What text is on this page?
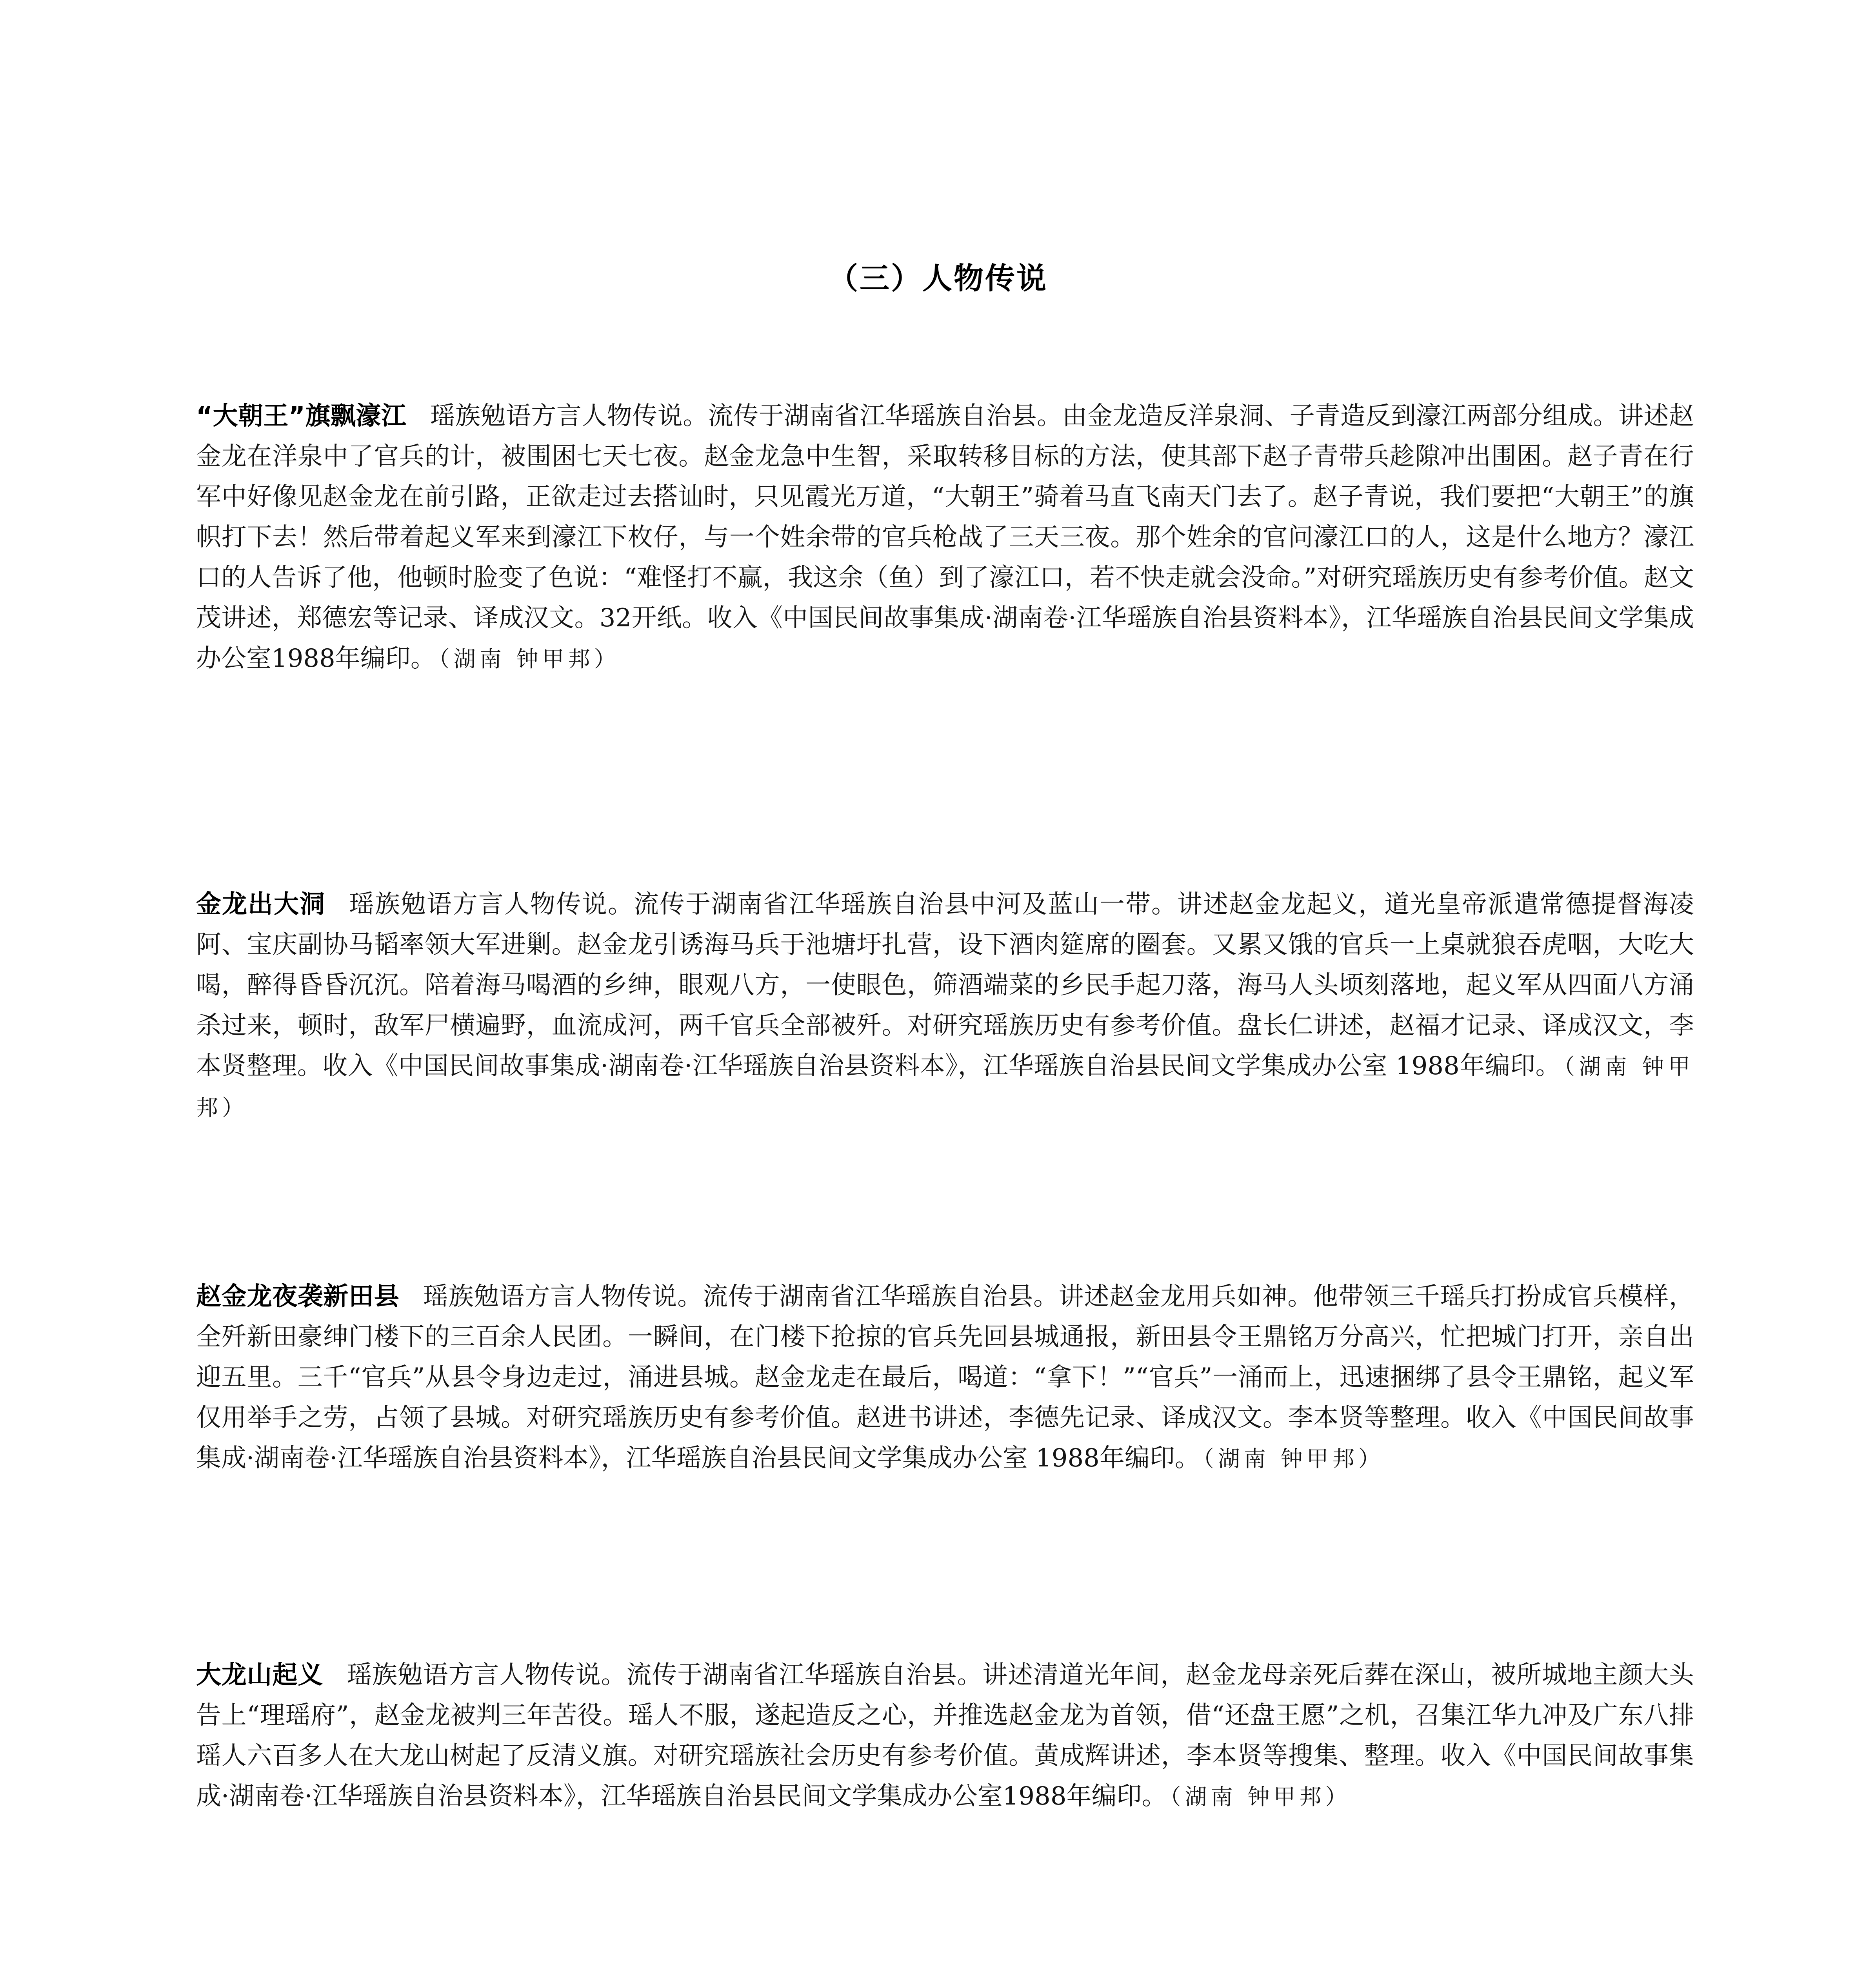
（三）人物传说
“大朝王”旗飘濠江 瑶族勉语方言人物传说。流传于湖南省江华瑶族自治县。由金龙造反洋泉洞、子青造反到濠江两部分组成。讲述赵金龙在洋泉中了官兵的计，被围困七天七夜。赵金龙急中生智，采取转移目标的方法，使其部下赵子青带兵趁隙冲出围困。赵子青在行军中好像见赵金龙在前引路，正欲走过去搭讪时，只见霞光万道，“大朝王”骑着马直飞南天门去了。赵子青说，我们要把“大朝王”的旗帜打下去！然后带着起义军来到濠江下枚仔，与一个姓余带的官兵枪战了三天三夜。那个姓余的官问濠江口的人，这是什么地方？濠江口的人告诉了他，他顿时脸变了色说：“难怪打不赢，我这余（鱼）到了濠江口，若不快走就会没命。”对研究瑶族历史有参考价值。赵文茂讲述，郑德宏等记录、译成汉文。32开纸。收入《中国民间故事集成·湖南卷·江华瑶族自治县资料本》，江华瑶族自治县民间文学集成办公室1988年编印。 （湖南 钟甲邦）
金龙出大洞 瑶族勉语方言人物传说。流传于湖南省江华瑶族自治县中河及蓝山一带。讲述赵金龙起义，道光皇帝派遣常德提督海凌阿、宝庆副协马韬率领大军进剿。赵金龙引诱海马兵于池塘圩扎营，设下酒肉筵席的圈套。又累又饿的官兵一上桌就狼吞虎咽，大吃大喝，醉得昏昏沉沉。陪着海马喝酒的乡绅，眼观八方，一使眼色，筛酒端菜的乡民手起刀落，海马人头顷刻落地，起义军从四面八方涌杀过来，顿时，敌军尸横遍野，血流成河，两千官兵全部被歼。对研究瑶族历史有参考价值。盘长仁讲述，赵福才记录、译成汉文，李本贤整理。收入《中国民间故事集成·湖南卷·江华瑶族自治县资料本》，江华瑶族自治县民间文学集成办公室 1988年编印。 （湖南 钟甲邦）
赵金龙夜袭新田县 瑶族勉语方言人物传说。流传于湖南省江华瑶族自治县。讲述赵金龙用兵如神。他带领三千瑶兵打扮成官兵模样，全歼新田豪绅门楼下的三百余人民团。一瞬间，在门楼下抢掠的官兵先回县城通报，新田县令王鼎铭万分高兴，忙把城门打开，亲自出迎五里。三千“官兵”从县令身边走过，涌进县城。赵金龙走在最后，喝道：“拿下！”“官兵”一涌而上，迅速捆绑了县令王鼎铭，起义军仅用举手之劳，占领了县城。对研究瑶族历史有参考价值。赵进书讲述，李德先记录、译成汉文。李本贤等整理。收入《中国民间故事集成·湖南卷·江华瑶族自治县资料本》，江华瑶族自治县民间文学集成办公室 1988年编印。 （湖南 钟甲邦）
大龙山起义 瑶族勉语方言人物传说。流传于湖南省江华瑶族自治县。讲述清道光年间，赵金龙母亲死后葬在深山，被所城地主颜大头告上“理瑶府”，赵金龙被判三年苦役。瑶人不服，遂起造反之心，并推选赵金龙为首领，借“还盘王愿”之机，召集江华九冲及广东八排瑶人六百多人在大龙山树起了反清义旗。对研究瑶族社会历史有参考价值。黄成辉讲述，李本贤等搜集、整理。收入《中国民间故事集成·湖南卷·江华瑶族自治县资料本》，江华瑶族自治县民间文学集成办公室1988年编印。 （湖南 钟甲邦）
